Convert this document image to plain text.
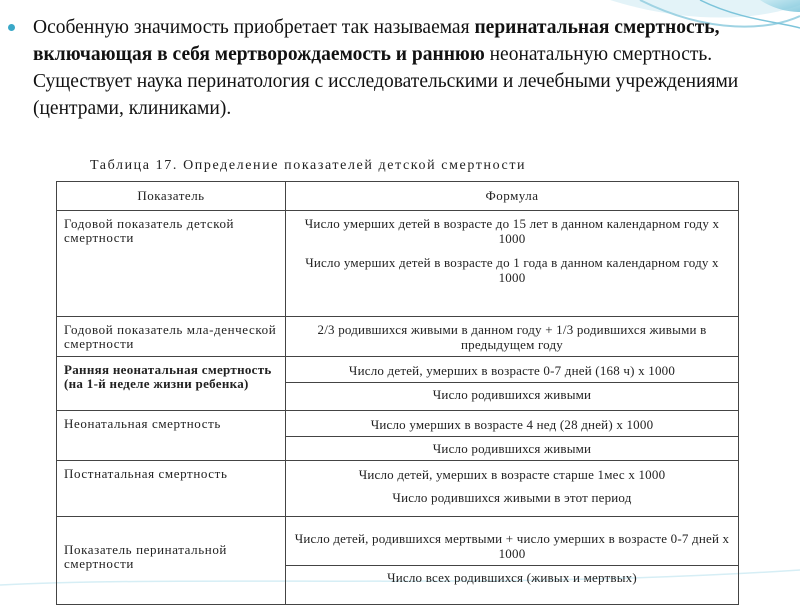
Особенную значимость приобретает так называемая перинатальная смертность, включающая в себя мертворождаемость и раннюю неонатальную смертность. Существует наука перинатология с исследовательскими и лечебными учреждениями (центрами, клиниками).
Таблица 17. Определение показателей детской смертности
Показатель	Формула

Годовой показатель детской смертности	Число умерших детей в возрасте до 15 лет в данном календарном году х 1000
Число умерших детей в возрасте до 1 года в данном календарном году х 1000

Годовой показатель мла-денческой смертности	2/3 родившихся живыми в данном году + 1/3 родившихся живыми в предыдущем году

Ранняя неонатальная смертность (на 1-й неделе жизни ребенка)	Число детей, умерших в возрасте 0-7 дней (168 ч) х 1000
Число родившихся живыми

Неонатальная смертность	Число умерших в возрасте 4 нед (28 дней) х 1000
Число родившихся живыми

Постнатальная смертность	Число детей, умерших в возрасте старше 1мес х 1000
Число родившихся живыми в этот период

Показатель перинатальной смертности	Число детей, родившихся мертвыми + число умерших в возрасте 0-7 дней х 1000
Число всех родившихся (живых и мертвых)
